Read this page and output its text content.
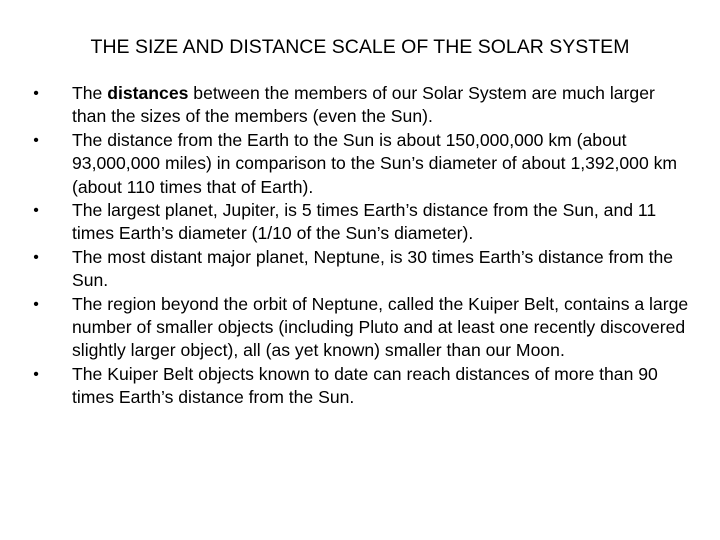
THE SIZE AND DISTANCE SCALE OF THE SOLAR SYSTEM
• The distances between the members of our Solar System are much larger than the sizes of the members (even the Sun).
• The distance from the Earth to the Sun is about 150,000,000 km (about 93,000,000 miles) in comparison to the Sun’s diameter of about 1,392,000 km (about 110 times that of Earth).
• The largest planet, Jupiter, is 5 times Earth’s distance from the Sun, and 11 times Earth’s diameter (1/10 of the Sun’s diameter).
• The most distant major planet, Neptune, is 30 times Earth’s distance from the Sun.
• The region beyond the orbit of Neptune, called the Kuiper Belt, contains a large number of smaller objects (including Pluto and at least one recently discovered slightly larger object), all (as yet known) smaller than our Moon.
• The Kuiper Belt objects known to date can reach distances of more than 90 times Earth’s distance from the Sun.
